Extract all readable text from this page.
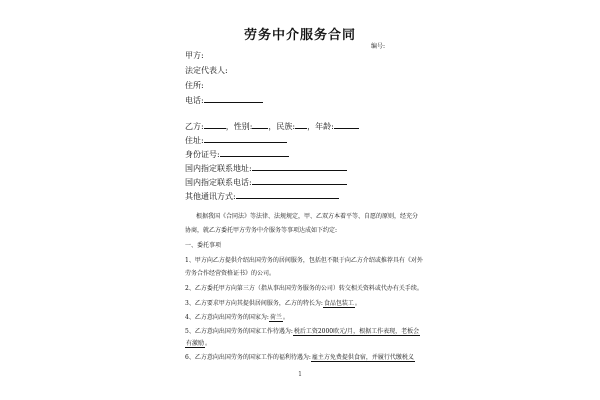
劳务中介服务合同
编号:
甲方:
法定代表人:
住所:
电话:
乙方:	，性别: ，民族: ，年龄:
住址:
身份证号:
国内指定联系地址:
国内指定联系电话:
其他通讯方式:
根据我国《合同法》等法律、法规规定，甲、乙双方本着平等、自愿的原则，经充分
协商，就乙方委托甲方劳务中介服务等事项达成如下约定:
一、委托事项
1、甲方向乙方提供介绍出国劳务的居间服务，包括但不限于向乙方介绍或推荐具有《对外
劳务合作经营资格证书》的公司。
2、乙方委托甲方向第三方（指从事出国劳务服务的公司）转交相关资料或代办有关手续。
3、乙方要求甲方向其提供居间服务，乙方的特长为:食品包装工。
4、乙方意向出国劳务的国家为:荷兰。
5、乙方意向出国劳务的国家工作待遇为:税后工资2000欧元/月，根据工作表现，老板会
有激励。
6、乙方意向出国劳务的国家工作的福利待遇为:雇主方免费提供食宿，并履行代缴税义
1
